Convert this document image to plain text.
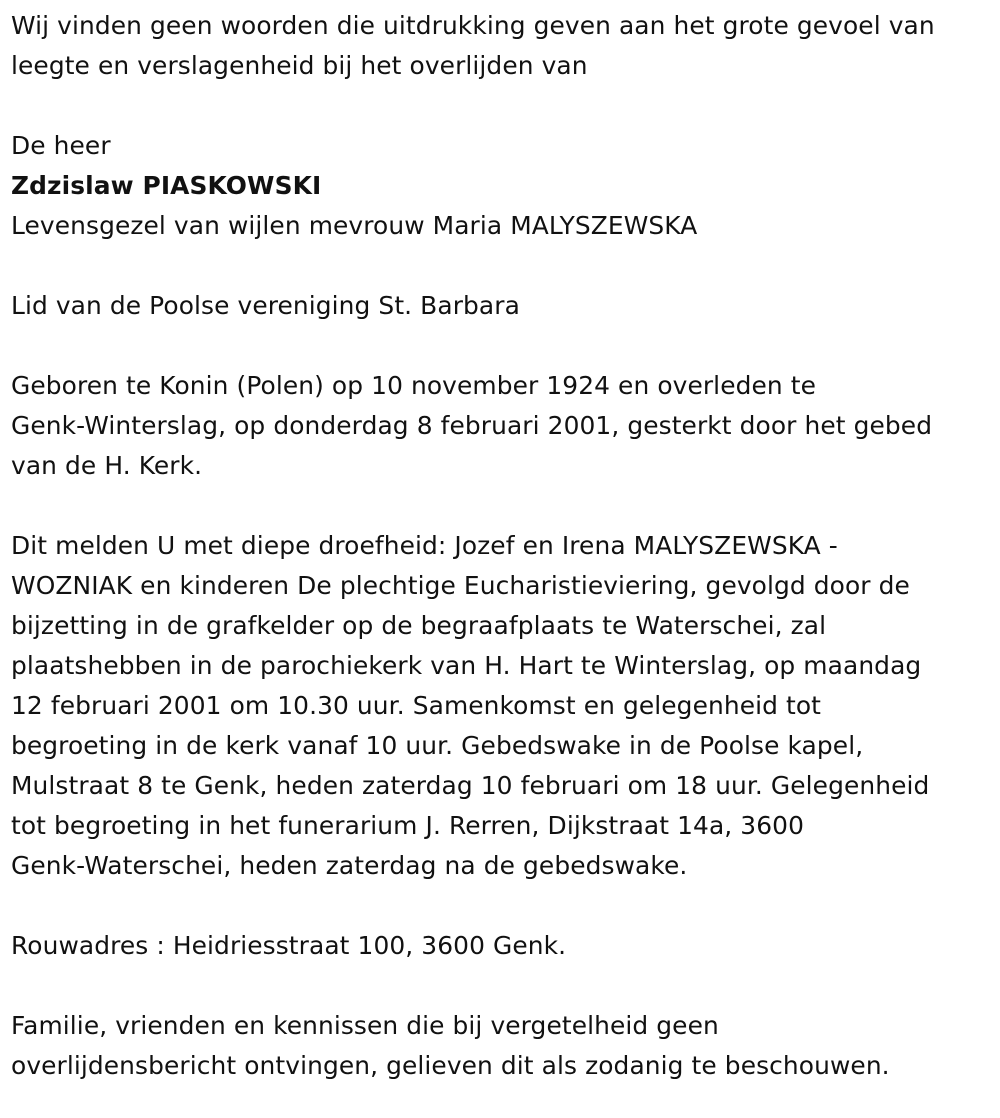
Wij vinden geen woorden die uitdrukking geven aan het grote gevoel van
leegte en verslagenheid bij het overlijden van
De heer
Zdzislaw PIASKOWSKI
Levensgezel van wijlen mevrouw Maria MALYSZEWSKA
Lid van de Poolse vereniging St. Barbara
Geboren te Konin (Polen) op 10 november 1924 en overleden te
Genk-Winterslag, op donderdag 8 februari 2001, gesterkt door het gebed
van de H. Kerk.
Dit melden U met diepe droefheid: Jozef en Irena MALYSZEWSKA -
WOZNIAK en kinderen De plechtige Eucharistieviering, gevolgd door de
bijzetting in de grafkelder op de begraafplaats te Waterschei, zal
plaatshebben in de parochiekerk van H. Hart te Winterslag, op maandag
12 februari 2001 om 10.30 uur. Samenkomst en gelegenheid tot
begroeting in de kerk vanaf 10 uur. Gebedswake in de Poolse kapel,
Mulstraat 8 te Genk, heden zaterdag 10 februari om 18 uur. Gelegenheid
tot begroeting in het funerarium J. Rerren, Dijkstraat 14a, 3600
Genk-Waterschei, heden zaterdag na de gebedswake.
Rouwadres : Heidriesstraat 100, 3600 Genk.
Familie, vrienden en kennissen die bij vergetelheid geen
overlijdensbericht ontvingen, gelieven dit als zodanig te beschouwen.
